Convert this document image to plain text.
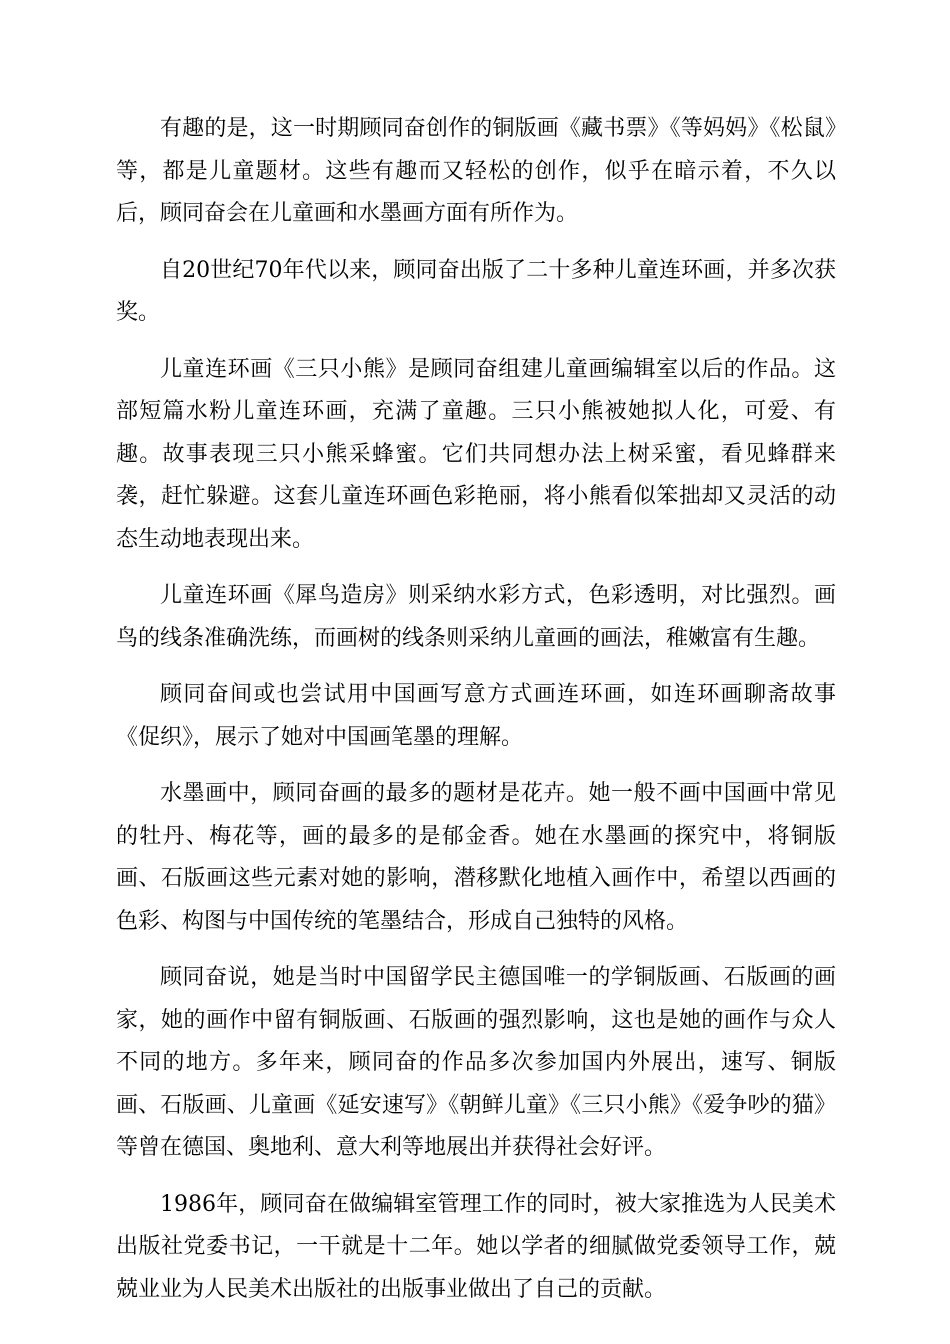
有趣的是，这一时期顾同奋创作的铜版画《藏书票》《等妈妈》《松鼠》等，都是儿童题材。这些有趣而又轻松的创作，似乎在暗示着，不久以后，顾同奋会在儿童画和水墨画方面有所作为。

自20世纪70年代以来，顾同奋出版了二十多种儿童连环画，并多次获奖。

儿童连环画《三只小熊》是顾同奋组建儿童画编辑室以后的作品。这部短篇水粉儿童连环画，充满了童趣。三只小熊被她拟人化，可爱、有趣。故事表现三只小熊采蜂蜜。它们共同想办法上树采蜜，看见蜂群来袭，赶忙躲避。这套儿童连环画色彩艳丽，将小熊看似笨拙却又灵活的动态生动地表现出来。

儿童连环画《犀鸟造房》则采纳水彩方式，色彩透明，对比强烈。画鸟的线条准确洗练，而画树的线条则采纳儿童画的画法，稚嫩富有生趣。

顾同奋间或也尝试用中国画写意方式画连环画，如连环画聊斋故事《促织》，展示了她对中国画笔墨的理解。

水墨画中，顾同奋画的最多的题材是花卉。她一般不画中国画中常见的牡丹、梅花等，画的最多的是郁金香。她在水墨画的探究中，将铜版画、石版画这些元素对她的影响，潜移默化地植入画作中，希望以西画的色彩、构图与中国传统的笔墨结合，形成自己独特的风格。

顾同奋说，她是当时中国留学民主德国唯一的学铜版画、石版画的画家，她的画作中留有铜版画、石版画的强烈影响，这也是她的画作与众人不同的地方。多年来，顾同奋的作品多次参加国内外展出，速写、铜版画、石版画、儿童画《延安速写》《朝鲜儿童》《三只小熊》《爱争吵的猫》等曾在德国、奥地利、意大利等地展出并获得社会好评。

1986年，顾同奋在做编辑室管理工作的同时，被大家推选为人民美术出版社党委书记，一干就是十二年。她以学者的细腻做党委领导工作，兢兢业业为人民美术出版社的出版事业做出了自己的贡献。
